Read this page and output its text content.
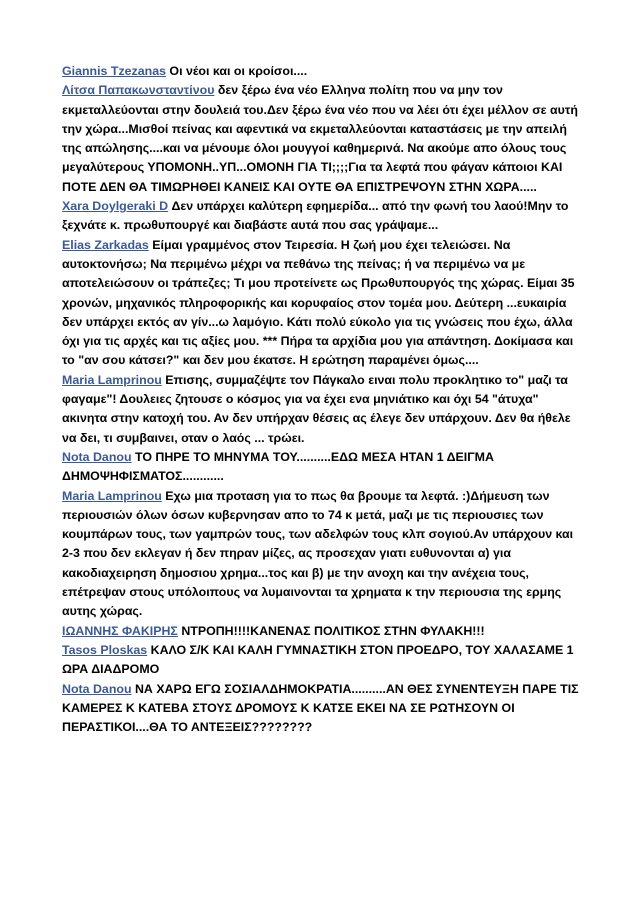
Giannis Tzezanas Οι νέοι και οι κροίσοι....

Λίτσα Παπακωνσταντίνου δεν ξέρω ένα νέο Ελληνα πολίτη που να μην τον εκμεταλλεύονται στην δουλειά του.Δεν ξέρω ένα νέο που να λέει ότι έχει μέλλον σε αυτή την χώρα...Μισθοί πείνας και αφεντικά να εκμεταλλεύονται καταστάσεις με την απειλή της απώλησης....και να μένουμε όλοι μουγγοί καθημερινά. Να ακούμε απο όλους τους μεγαλύτερους ΥΠΟΜΟΝΗ..ΥΠ...ΟΜΟΝΗ ΓΙΑ ΤΙ;;;;Για τα λεφτά που φάγαν κάποιοι ΚΑΙ ΠΟΤΕ ΔΕΝ ΘΑ ΤΙΜΩΡΗΘΕΙ ΚΑΝΕΙΣ ΚΑΙ ΟΥΤΕ ΘΑ ΕΠΙΣΤΡΕΨΟΥΝ ΣΤΗΝ ΧΩΡΑ.....

Xara Doylgeraki D Δεν υπάρχει καλύτερη εφημερίδα... από την φωνή του λαού!Μην το ξεχνάτε κ. πρωθυπουργέ και διαβάστε αυτά που σας γράψαμε...

Elias Zarkadas Είμαι γραμμένος στον Τειρεσία. Η ζωή μου έχει τελειώσει. Να αυτοκτονήσω; Να περιμένω μέχρι να πεθάνω της πείνας; ή να περιμένω να με αποτελειώσουν οι τράπεζες; Τι μου προτείνετε ως Πρωθυπουργός της χώρας. Είμαι 35 χρονών, μηχανικός πληροφορικής και κορυφαίος στον τομέα μου. Δεύτερη ...ευκαιρία δεν υπάρχει εκτός αν γίν...ω λαμόγιο. Κάτι πολύ εύκολο για τις γνώσεις που έχω, άλλα όχι για τις αρχές και τις αξίες μου. *** Πήρα τα αρχίδια μου για απάντηση. Δοκίμασα και το "αν σου κάτσει?" και δεν μου έκατσε. Η ερώτηση παραμένει όμως....

Maria Lamprinou Επισης, συμμαζέψτε τον Πάγκαλο ειναι πολυ προκλητικο το" μαζι τα φαγαμε"! Δουλειες ζητουσε ο κόσμος για να έχει ενα μηνιάτικο και όχι 54 "άτυχα" ακινητα στην κατοχή του. Αν δεν υπήρχαν θέσεις ας έλεγε δεν υπάρχουν. Δεν θα ήθελε να δει, τι συμβαινει, οταν ο λαός ... τρώει.

Nota Danou ΤΟ ΠΗΡΕ ΤΟ ΜΗΝΥΜΑ ΤΟΥ..........ΕΔΩ ΜΕΣΑ ΗΤΑΝ 1 ΔΕΙΓΜΑ ΔΗΜΟΨΗΦΙΣΜΑΤΟΣ............

Maria Lamprinou Εχω μια προταση για το πως θα βρουμε τα λεφτά. :)Δήμευση των περιουσιών όλων όσων κυβερνησαν απο το 74 κ μετά, μαζι με τις περιουσιες των κουμπάρων τους, των γαμπρών τους, των αδελφών τους κλπ σογιού.Αν υπάρχουν και 2-3 που δεν εκλεγαν ή δεν πηραν μίζες, ας προσεχαν γιατι ευθυνονται α) για κακοδιαχειρηση δημοσιου χρημα...τος και β) με την ανοχη και την ανέχεια τους, επέτρεψαν στους υπόλοιπους να λυμαινονται τα χρηματα κ την περιουσια της ερμης αυτης χώρας.

ΙΩΑΝΝΗΣ ΦΑΚΙΡΗΣ ΝΤΡΟΠΗ!!!!ΚΑΝΕΝΑΣ ΠΟΛΙΤΙΚΟΣ ΣΤΗΝ ΦΥΛΑΚΗ!!!

Tasos Ploskas ΚΑΛΟ Σ/Κ ΚΑΙ ΚΑΛΗ ΓΥΜΝΑΣΤΙΚΗ ΣΤΟΝ ΠΡΟΕΔΡΟ, ΤΟΥ ΧΑΛΑΣΑΜΕ 1 ΩΡΑ ΔΙΑΔΡΟΜΟ

Nota Danou ΝΑ ΧΑΡΩ ΕΓΩ ΣΟΣΙΑΛΔΗΜΟΚΡΑΤΙΑ..........ΑΝ ΘΕΣ ΣΥΝΕΝΤΕΥΞΗ ΠΑΡΕ ΤΙΣ ΚΑΜΕΡΕΣ Κ ΚΑΤΕΒΑ ΣΤΟΥΣ ΔΡΟΜΟΥΣ Κ ΚΑΤΣΕ ΕΚΕΙ ΝΑ ΣΕ ΡΩΤΗΣΟΥΝ ΟΙ ΠΕΡΑΣΤΙΚΟΙ....ΘΑ ΤΟ ΑΝΤΕΞΕΙΣ????????
